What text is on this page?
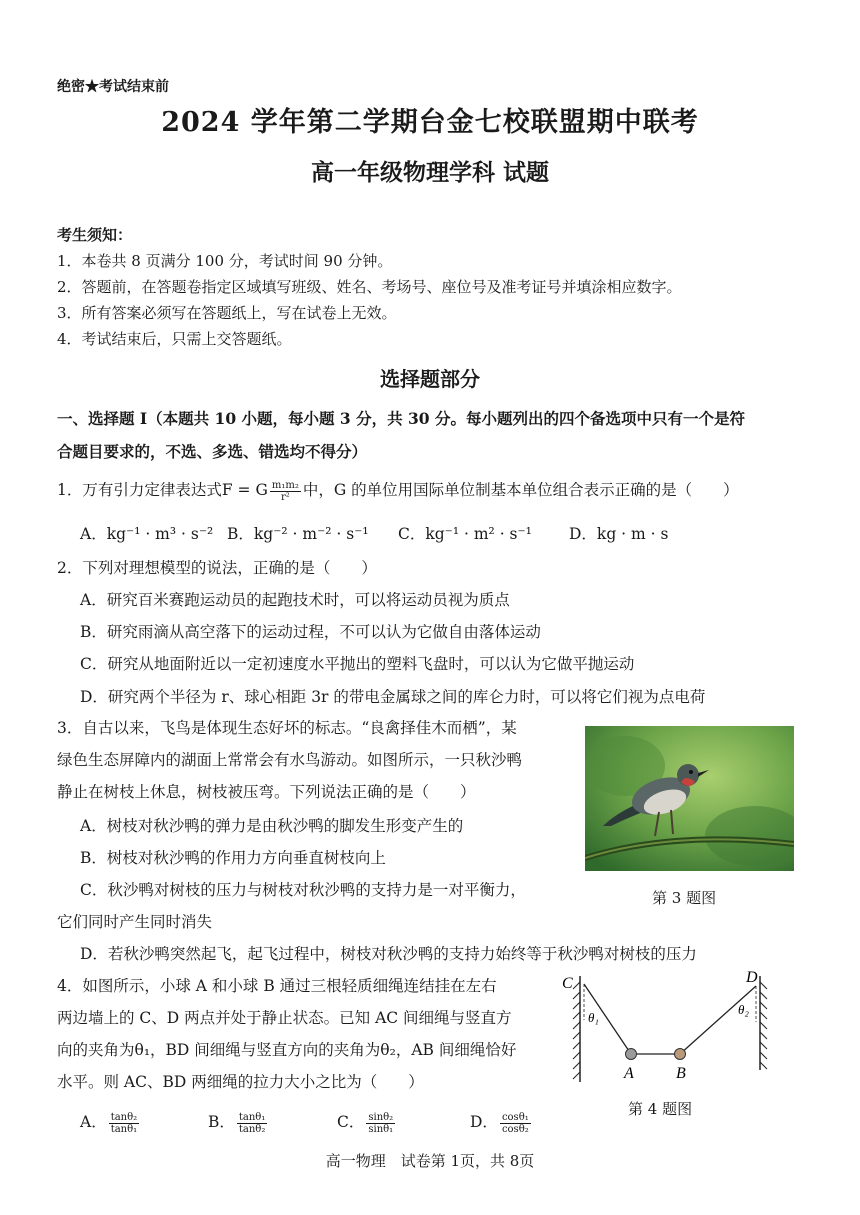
绝密★考试结束前
2024 学年第二学期台金七校联盟期中联考
高一年级物理学科 试题
考生须知：
1．本卷共 8 页满分 100 分，考试时间 90 分钟。
2．答题前，在答题卷指定区域填写班级、姓名、考场号、座位号及准考证号并填涂相应数字。
3．所有答案必须写在答题纸上，写在试卷上无效。
4．考试结束后，只需上交答题纸。
选择题部分
一、选择题 I（本题共 10 小题，每小题 3 分，共 30 分。每小题列出的四个备选项中只有一个是符
合题目要求的，不选、多选、错选均不得分）
1．万有引力定律表达式F = G $\frac{\text{m₁m₂}}{\text{r²}}$ 中，G 的单位用国际单位制基本单位组合表示正确的是（　　）
A．kg⁻¹ · m³ · s⁻² B．kg⁻² · m⁻² · s⁻¹ C．kg⁻¹ · m² · s⁻¹ D．kg · m · s
2．下列对理想模型的说法，正确的是（　　）
A．研究百米赛跑运动员的起跑技术时，可以将运动员视为质点
B．研究雨滴从高空落下的运动过程，不可以认为它做自由落体运动
C．研究从地面附近以一定初速度水平抛出的塑料飞盘时，可以认为它做平抛运动
D．研究两个半径为 r、球心相距 3r 的带电金属球之间的库仑力时，可以将它们视为点电荷
3．自古以来，飞鸟是体现生态好坏的标志。“良禽择佳木而栖”，某
绿色生态屏障内的湖面上常常会有水鸟游动。如图所示，一只秋沙鸭
静止在树枝上休息，树枝被压弯。下列说法正确的是（　　）
A．树枝对秋沙鸭的弹力是由秋沙鸭的脚发生形变产生的
B．树枝对秋沙鸭的作用力方向垂直树枝向上
C．秋沙鸭对树枝的压力与树枝对秋沙鸭的支持力是一对平衡力，
它们同时产生同时消失
D．若秋沙鸭突然起飞，起飞过程中，树枝对秋沙鸭的支持力始终等于秋沙鸭对树枝的压力
第 3 题图
4．如图所示，小球 A 和小球 B 通过三根轻质细绳连结挂在左右
两边墙上的 C、D 两点并处于静止状态。已知 AC 间细绳与竖直方
向的夹角为θ₁，BD 间细绳与竖直方向的夹角为θ₂，AB 间细绳恰好
水平。则 AC、BD 两细绳的拉力大小之比为（　　）
A． $\frac{\text{tanθ₂}}{\text{tanθ₁}}$	B． $\frac{\text{tanθ₁}}{\text{tanθ₂}}$	C． $\frac{\text{sinθ₂}}{\text{sinθ₁}}$	D． $\frac{\text{cosθ₁}}{\text{cosθ₂}}$
C	D
A	B
θ₁
θ₂
第 4 题图
高一物理　试卷第 1页，共 8页
